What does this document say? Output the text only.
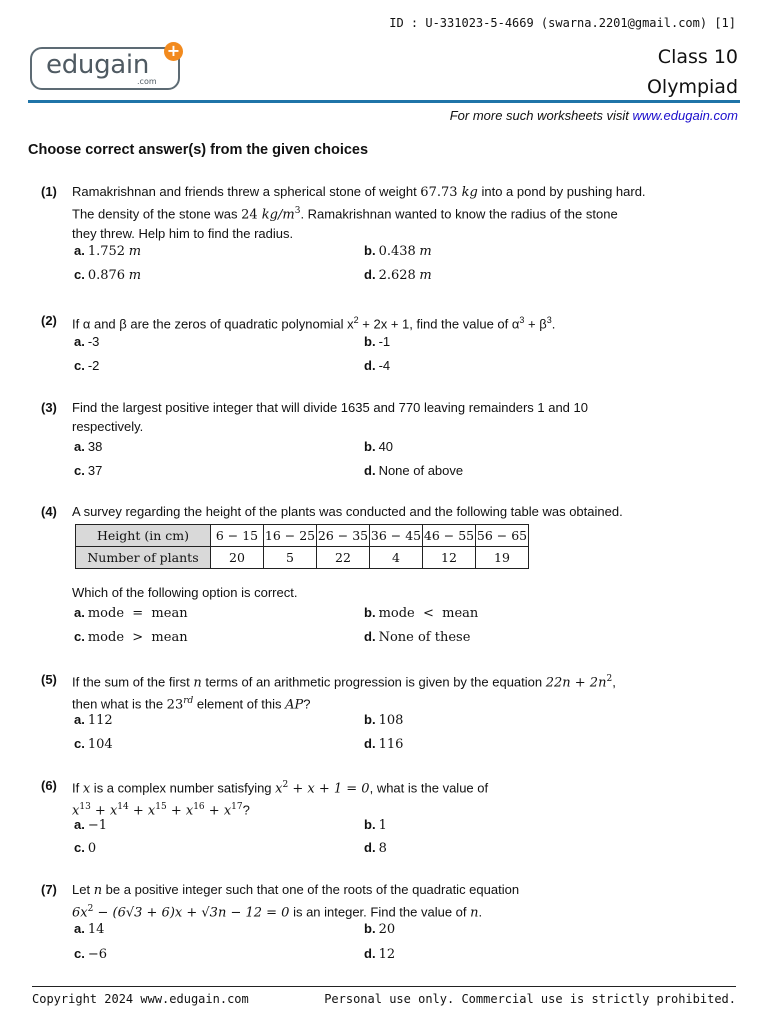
ID : U-331023-5-4669 (swarna.2201@gmail.com) [1]
edugain
.com
+	Class 10
Olympiad
For more such worksheets visit www.edugain.com
Choose correct answer(s) from the given choices
(1) Ramakrishnan and friends threw a spherical stone of weight 67.73 kg into a pond by pushing hard.
The density of the stone was 24 $kg/m^3$. Ramakrishnan wanted to know the radius of the stone
they threw. Help him to find the radius.
a. 1.752 m	b. 0.438 m
c. 0.876 m	d. 2.628 m
(2) If α and β are the zeros of quadratic polynomial $x^2 + 2x + 1$, find the value of $\alpha^3 + \beta^3$.
a. -3	b. -1
c. -2	d. -4
(3) Find the largest positive integer that will divide 1635 and 770 leaving remainders 1 and 10
respectively.
a. 38	b. 40
c. 37	d. None of above
(4) A survey regarding the height of the plants was conducted and the following table was obtained.
Height (in cm)	6 − 15	16 − 25	26 − 35	36 − 45	46 − 55	56 − 65
Number of plants	20	5	22	4	12	19
Which of the following option is correct.
a. mode  =  mean	b. mode  <  mean
c. mode  >  mean	d. None of these
(5) If the sum of the first n terms of an arithmetic progression is given by the equation $22n + 2n^2$,
then what is the 23rd element of this AP?
a. 112	b. 108
c. 104	d. 116
(6) If x is a complex number satisfying $x^2 + x + 1 = 0$, what is the value of
$x^{13} + x^{14} + x^{15} + x^{16} + x^{17}$?
a. −1	b. 1
c. 0	d. 8
(7) Let n be a positive integer such that one of the roots of the quadratic equation
$6x^2 - (6√3 + 6)x + √3n - 12 = 0$ is an integer. Find the value of n.
a. 14	b. 20
c. −6	d. 12
Copyright 2024 www.edugain.com	Personal use only. Commercial use is strictly prohibited.
